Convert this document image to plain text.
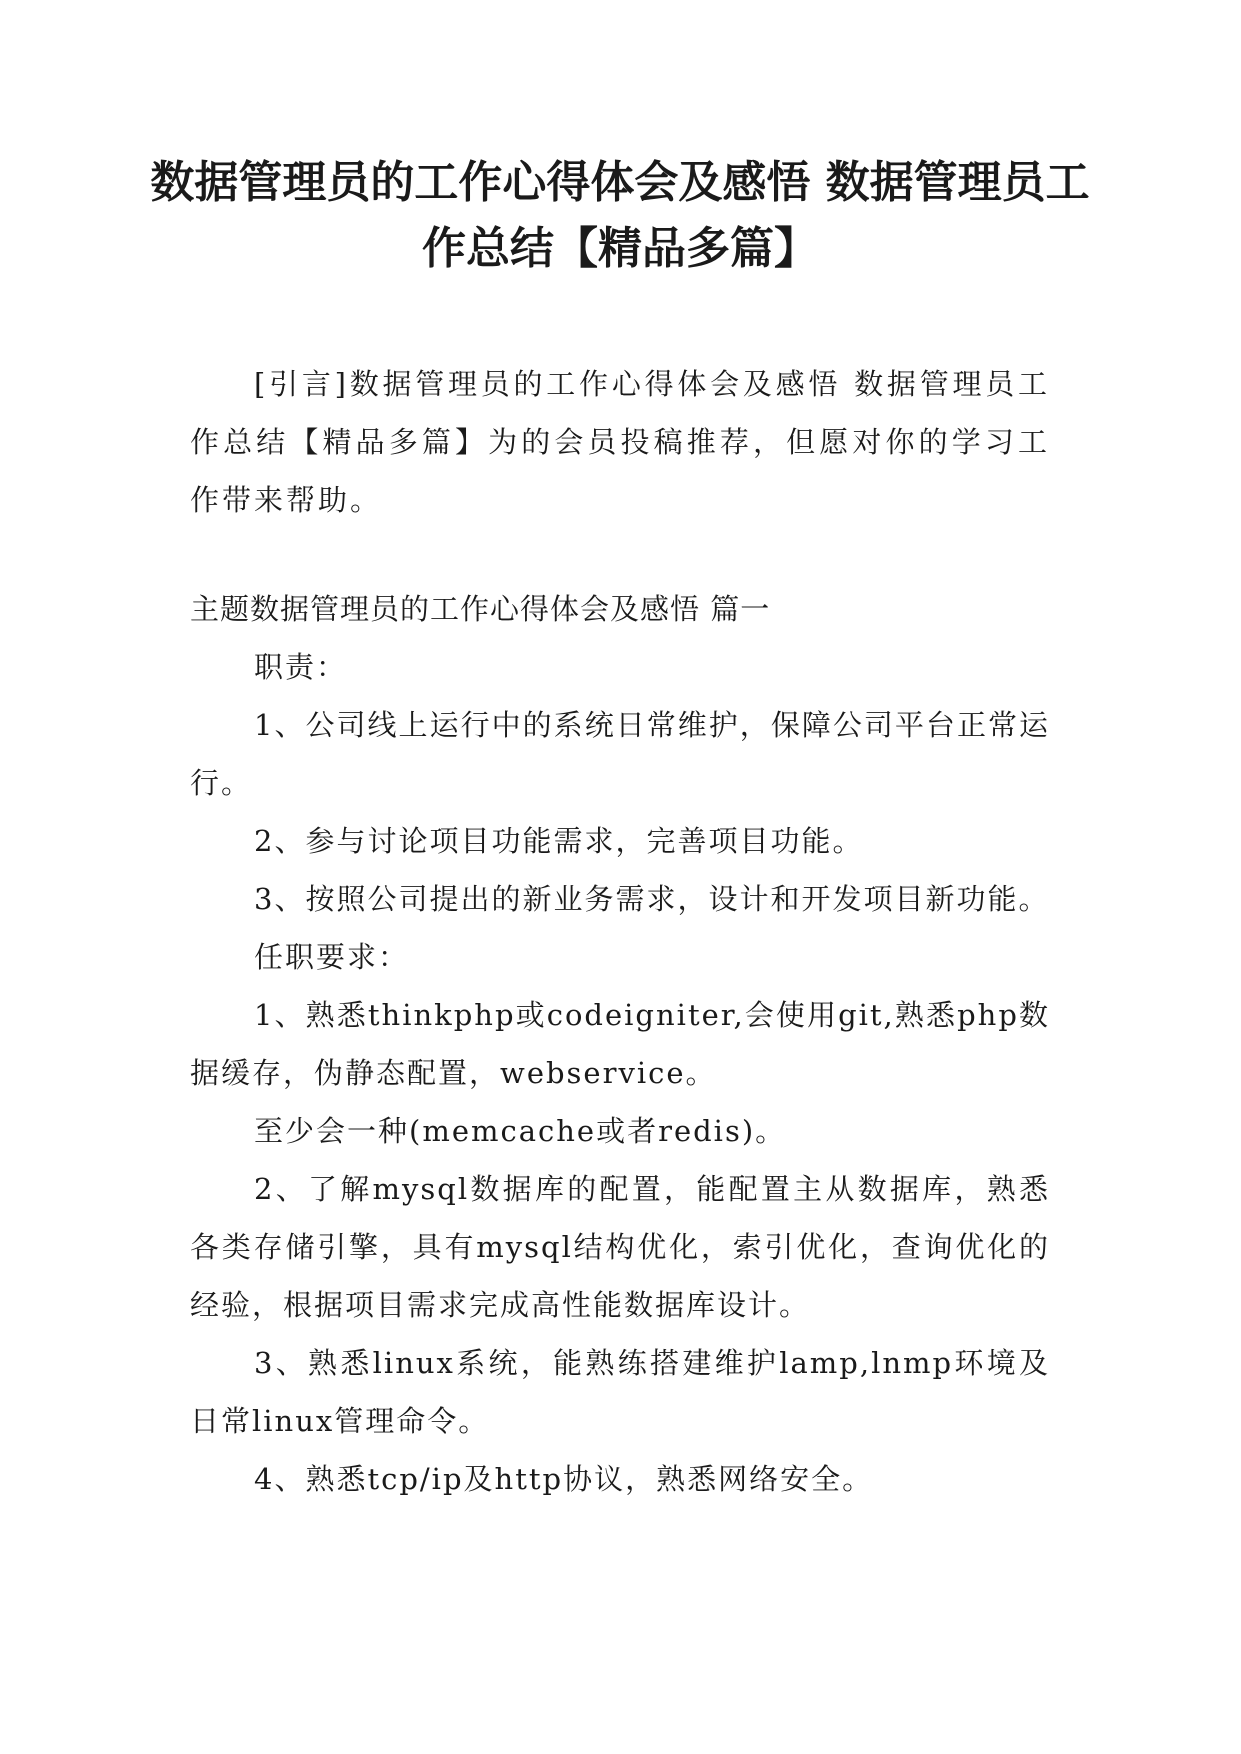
数据管理员的工作心得体会及感悟 数据管理员工作总结【精品多篇】

[引言]数据管理员的工作心得体会及感悟 数据管理员工作总结【精品多篇】为的会员投稿推荐，但愿对你的学习工作带来帮助。

主题数据管理员的工作心得体会及感悟 篇一

职责：

1、公司线上运行中的系统日常维护，保障公司平台正常运行。

2、参与讨论项目功能需求，完善项目功能。

3、按照公司提出的新业务需求，设计和开发项目新功能。

任职要求：

1、熟悉thinkphp或codeigniter,会使用git,熟悉php数据缓存，伪静态配置，webservice。

至少会一种(memcache或者redis)。

2、了解mysql数据库的配置，能配置主从数据库，熟悉各类存储引擎，具有mysql结构优化，索引优化，查询优化的经验，根据项目需求完成高性能数据库设计。

3、熟悉linux系统，能熟练搭建维护lamp,lnmp环境及日常linux管理命令。

4、熟悉tcp/ip及http协议，熟悉网络安全。
